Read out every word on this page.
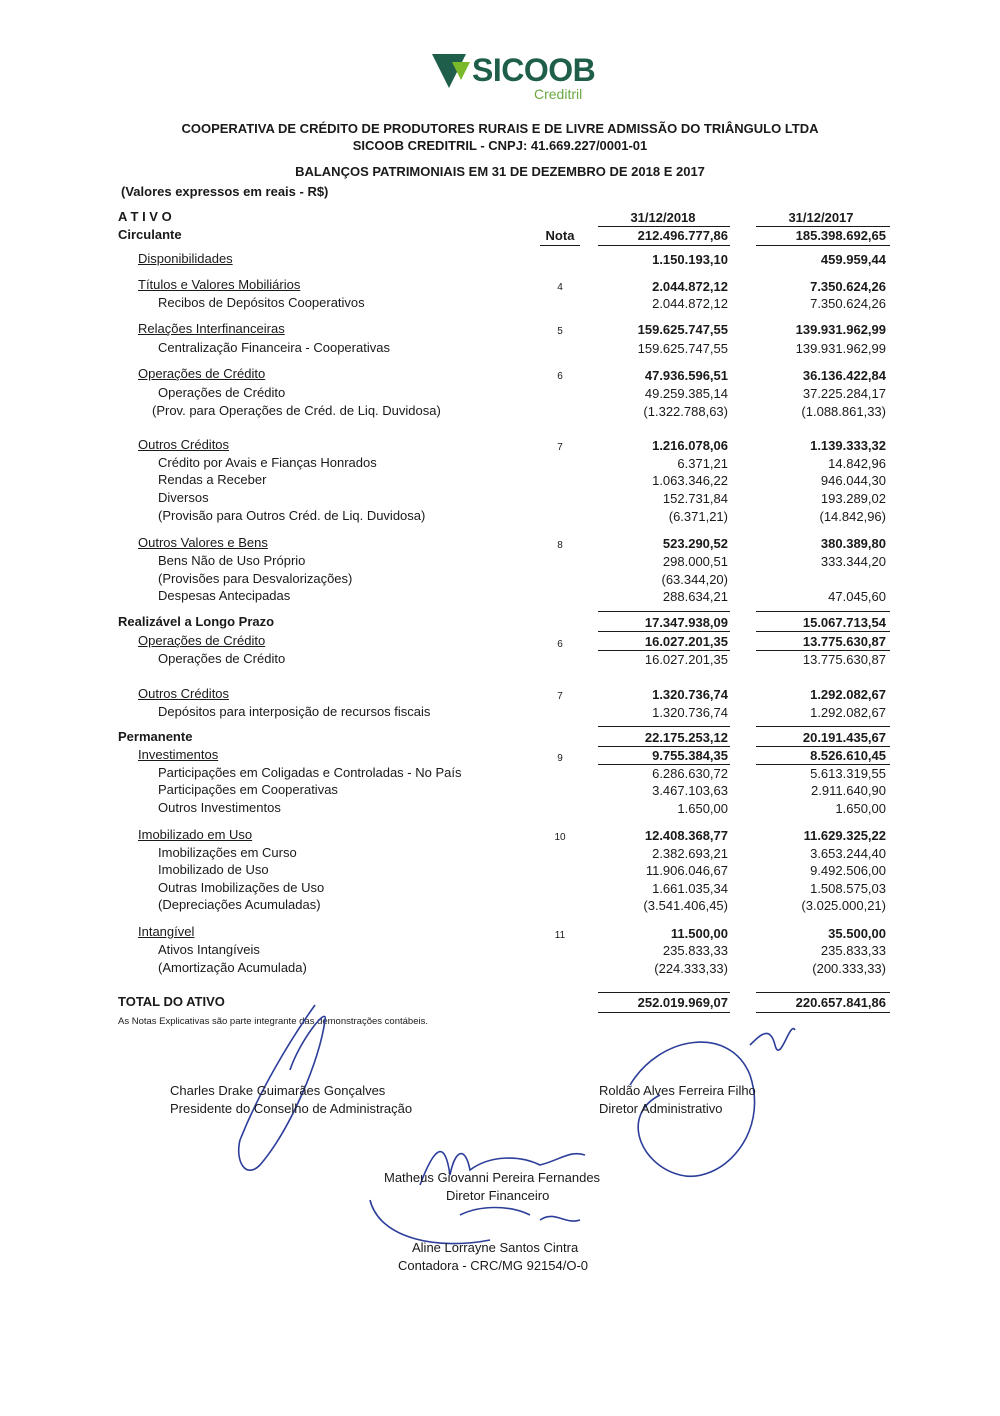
SICOOB
Creditril
COOPERATIVA DE CRÉDITO DE PRODUTORES RURAIS E DE LIVRE ADMISSÃO DO TRIÂNGULO LTDA
SICOOB CREDITRIL - CNPJ: 41.669.227/0001-01
BALANÇOS PATRIMONIAIS EM 31 DE DEZEMBRO DE 2018 E 2017
(Valores expressos em reais - R$)
A T I V O
Nota
31/12/2018	31/12/2017
Circulante	212.496.777,86	185.398.692,65
Disponibilidades	1.150.193,10	459.959,44
Títulos e Valores Mobiliários	4	2.044.872,12	7.350.624,26
Recibos de Depósitos Cooperativos	2.044.872,12	7.350.624,26
Relações Interfinanceiras	5	159.625.747,55	139.931.962,99
Centralização Financeira - Cooperativas	159.625.747,55	139.931.962,99
Operações de Crédito	6	47.936.596,51	36.136.422,84
Operações de Crédito	49.259.385,14	37.225.284,17
(Prov. para Operações de Créd. de Liq. Duvidosa)	(1.322.788,63)	(1.088.861,33)
Outros Créditos	7	1.216.078,06	1.139.333,32
Crédito por Avais e Fianças Honrados	6.371,21	14.842,96
Rendas a Receber	1.063.346,22	946.044,30
Diversos	152.731,84	193.289,02
(Provisão para Outros Créd. de Liq. Duvidosa)	(6.371,21)	(14.842,96)
Outros Valores e Bens	8	523.290,52	380.389,80
Bens Não de Uso Próprio	298.000,51	333.344,20
(Provisões para Desvalorizações)	(63.344,20)
Despesas Antecipadas	288.634,21	47.045,60
Realizável a Longo Prazo	17.347.938,09	15.067.713,54
Operações de Crédito	6	16.027.201,35	13.775.630,87
Operações de Crédito	16.027.201,35	13.775.630,87
Outros Créditos	7	1.320.736,74	1.292.082,67
Depósitos para interposição de recursos fiscais	1.320.736,74	1.292.082,67
Permanente	22.175.253,12	20.191.435,67
Investimentos	9	9.755.384,35	8.526.610,45
Participações em Coligadas e Controladas - No País	6.286.630,72	5.613.319,55
Participações em Cooperativas	3.467.103,63	2.911.640,90
Outros Investimentos	1.650,00	1.650,00
Imobilizado em Uso	10	12.408.368,77	11.629.325,22
Imobilizações em Curso	2.382.693,21	3.653.244,40
Imobilizado de Uso	11.906.046,67	9.492.506,00
Outras Imobilizações de Uso	1.661.035,34	1.508.575,03
(Depreciações Acumuladas)	(3.541.406,45)	(3.025.000,21)
Intangível	11	11.500,00	35.500,00
Ativos Intangíveis	235.833,33	235.833,33
(Amortização Acumulada)	(224.333,33)	(200.333,33)
TOTAL DO ATIVO	252.019.969,07	220.657.841,86
As Notas Explicativas são parte integrante das demonstrações contábeis.
Charles Drake Guimarães Gonçalves
Presidente do Conselho de Administração
Roldão Alves Ferreira Filho
Diretor Administrativo
Matheus Giovanni Pereira Fernandes
Diretor Financeiro
Aline Lorrayne Santos Cintra
Contadora - CRC/MG 92154/O-0
